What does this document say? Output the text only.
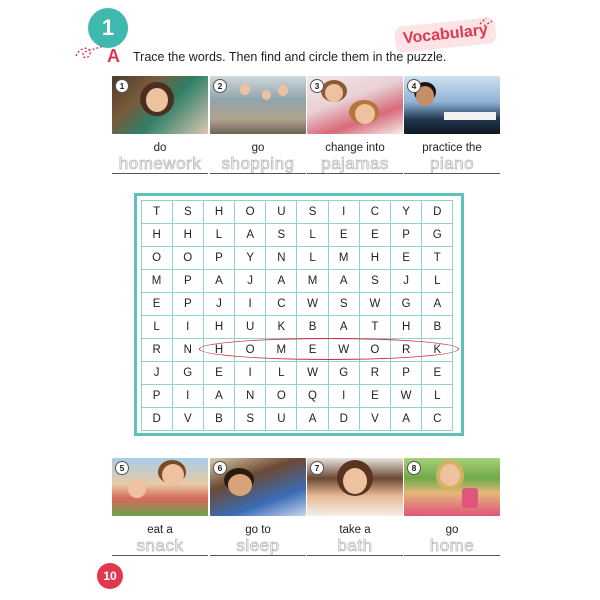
1	Vocabulary
A Trace the words. Then find and circle them in the puzzle.
1
do
homework
2
go
shopping
3
change into
pajamas
4
practice the
piano
T	S	H	O	U	S	I	C	Y	D
H	H	L	A	S	L	E	E	P	G
O	O	P	Y	N	L	M	H	E	T
M	P	A	J	A	M	A	S	J	L
E	P	J	I	C	W	S	W	G	A
L	I	H	U	K	B	A	T	H	B
R	N	H	O	M	E	W	O	R	K
J	G	E	I	L	W	G	R	P	E
P	I	A	N	O	Q	I	E	W	L
D	V	B	S	U	A	D	V	A	C
5
eat a
snack
6
go to
sleep
7
take a
bath
8
go
home
10
